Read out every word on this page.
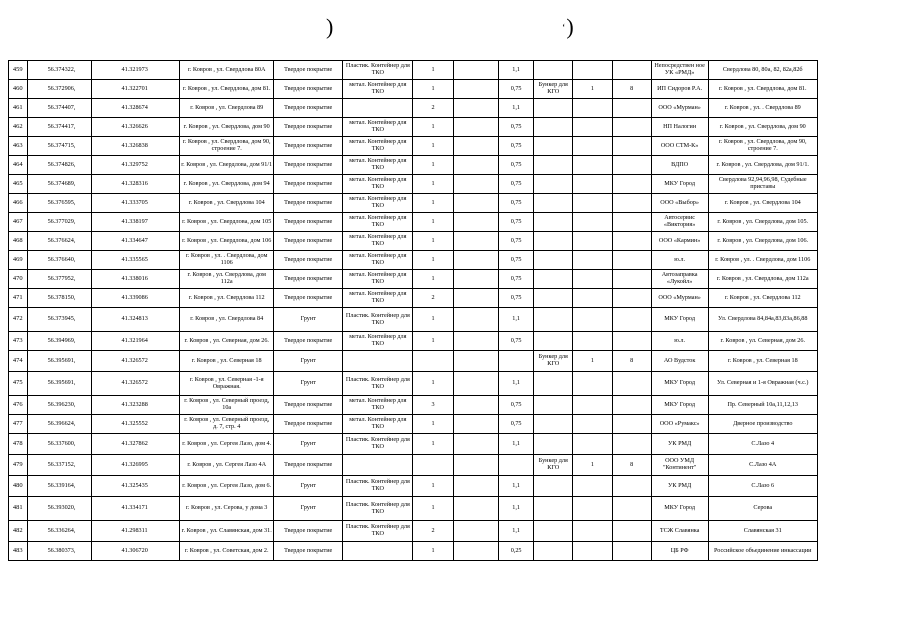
)	‘)
459	56.374322,	41.321973	г. Ковров , ул. Свердлова 80А	Твердое покрытие	Пластик. Контейнер для ТКО	1		1,1				Непосредствен ное УК «РМД»	Свердлова 80, 80а, 82, 82а,82б
460	56.372906,	41.322701	г. Ковров , ул. Свердлова, дом 81.	Твердое покрытие	метал. Контейнер для ТКО	1		0,75	Бункер для КГО	1	8	ИП Сидоров Р.А.	г. Ковров , ул. Свердлова, дом 81.
461	56.374407,	41.328674	г. Ковров , ул. Свердлова 89	Твердое покрытие		2		1,1				ООО «Мурман»	г. Ковров , ул. . Свердлова 89
462	56.374417,	41.326626	г. Ковров , ул. Свердлова, дом 90	Твердое покрытие	метал. Контейнер для ТКО	1		0,75				НП Налогин	г. Ковров , ул. Свердлова, дом 90
463	56.374715,	41.326838	г. Ковров , ул. Свердлова, дом 90, строение 7.	Твердое покрытие	метал. Контейнер для ТКО	1		0,75				ООО СТМ-К»	г. Ковров , ул. Свердлова, дом 90, строение 7.
464	56.374826,	41.329752	г. Ковров , ул. Свердлова, дом 91/1	Твердое покрытие	метал. Контейнер для ТКО	1		0,75				ВДПО	г. Ковров , ул. Свердлова, дом 91/1.
465	56.374689,	41.328316	г. Ковров , ул. Свердлова, дом 94	Твердое покрытие	метал. Контейнер для ТКО	1		0,75				МКУ Город	Свердлова 92,94,96,98, Судебные приставы
466	56.376595,	41.333705	г. Ковров , ул. Свердлова 104	Твердое покрытие	метал. Контейнер для ТКО	1		0,75				ООО «Выбор»	г. Ковров , ул. Свердлова 104
467	56.377029,	41.338197	г. Ковров , ул. Свердлова, дом 105	Твердое покрытие	метал. Контейнер для ТКО	1		0,75				Автосервис «Виктория»	г. Ковров , ул. Свердлова, дом 105.
468	56.376624,	41.334647	г. Ковров , ул. Свердлова, дом 106	Твердое покрытие	метал. Контейнер для ТКО	1		0,75				ООО «Кармин»	г. Ковров , ул. Свердлова, дом 106.
469	56.376640,	41.335565	г. Ковров , ул. . Свердлова, дом 1106	Твердое покрытие	метал. Контейнер для ТКО	1		0,75				ю.л.	г. Ковров , ул. . Свердлова, дом 1106
470	56.377952,	41.338016	г. Ковров , ул. Свердлова, дом 112а	Твердое покрытие	метал. Контейнер для ТКО	1		0,75				Автозаправка «Лукойл»	г. Ковров , ул. Свердлова, дом 112а
471	56.378150,	41.339086	г. Ковров , ул. Свердлова 112	Твердое покрытие	метал. Контейнер для ТКО	2		0,75				ООО «Мурман»	г. Ковров , ул. Свердлова 112
472	56.373945,	41.324813	г. Ковров , ул. Свердлова 84	Грунт	Пластик. Контейнер для ТКО	1		1,1				МКУ Город	Ул. Свердлова 84,84а,83,83а,86,88
473	56.394969,	41.321964	г. Ковров , ул. Северная, дом 26.	Твердое покрытие	метал. Контейнер для ТКО	1		0,75				ю.л.	г. Ковров , ул. Северная, дом 26.
474	56.395691,	41.326572	г. Ковров , ул. Северная 18	Грунт					Бункер для КГО	1	8	АО Вудсток	г. Ковров , ул. Северная 18
475	56.395691,	41.326572	г. Ковров , ул. Северная -1-я Овражная.	Грунт	Пластик. Контейнер для ТКО	1		1,1				МКУ Город	Ул. Северная и 1-я Овражная (ч.с.)
476	56.396230,	41.323288	г. Ковров , ул. Северный проезд, 10а	Твердое покрытие	метал. Контейнер для ТКО	3		0,75				МКУ Город	Пр. Северный 10а,11,12,13
477	56.396624,	41.325552	г. Ковров , ул. Северный проезд, д. 7, стр. 4	Твердое покрытие	метал. Контейнер для ТКО	1		0,75				ООО «Румакс»	Дверное производство
478	56.337600,	41.327862	г. Ковров , ул. Сергея Лазо, дом 4.	Грунт	Пластик. Контейнер для ТКО	1		1,1				УК РМД	С.Лазо 4
479	56.337152,	41.326995	г. Ковров , ул. Сергея Лазо 4А	Твердое покрытие					Бункер для КГО	1	8	ООО УМД "Континент"	С.Лазо 4А
480	56.339164,	41.325435	г. Ковров , ул. Сергея Лазо, дом 6.	Грунт	Пластик. Контейнер для ТКО	1		1,1				УК РМД	С.Лазо 6
481	56.393020,	41.334171	г. Ковров , ул. Серова, у дома 3	Грунт	Пластик. Контейнер для ТКО	1		1,1				МКУ Город	Серова
482	56.336264,	41.298311	г. Ковров , ул. Славянская, дом 31.	Твердое покрытие	Пластик. Контейнер для ТКО	2		1,1				ТСЖ Славянка	Славянская 31
483	56.380373,	41.306720	г. Ковров , ул. Советская, дом 2.	Твердое покрытие		1		0,25				ЦБ РФ	Российское объединение инкассации
